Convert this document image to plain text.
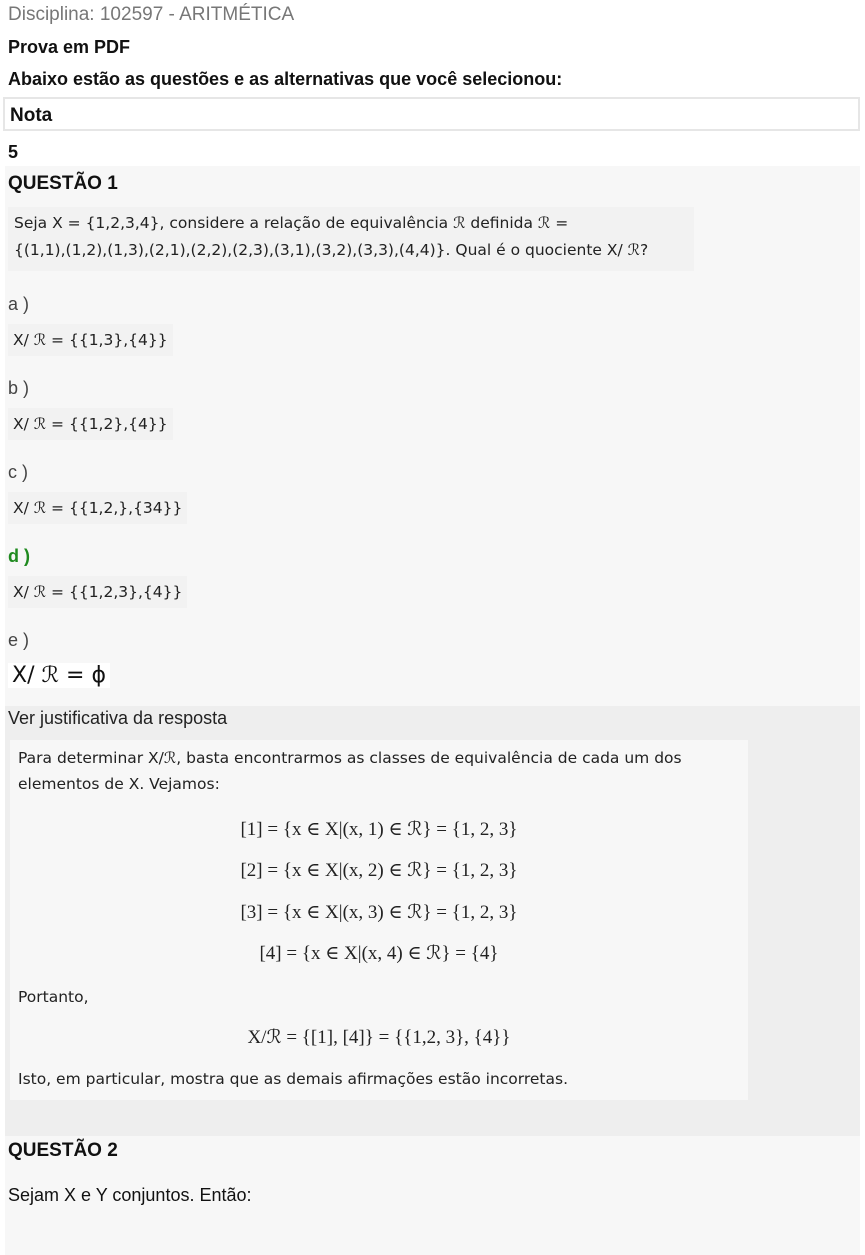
Disciplina: 102597 - ARITMÉTICA
Prova em PDF
Abaixo estão as questões e as alternativas que você selecionou:
Nota
5
QUESTÃO 1
Seja X = {1,2,3,4}, considere a relação de equivalência ℛ definida ℛ =
{(1,1),(1,2),(1,3),(2,1),(2,2),(2,3),(3,1),(3,2),(3,3),(4,4)}. Qual é o quociente X/ ℛ?
a )
X/ ℛ = {{1,3},{4}}
b )
X/ ℛ = {{1,2},{4}}
c )
X/ ℛ = {{1,2,},{34}}
d )
X/ ℛ = {{1,2,3},{4}}
e )
X/ ℛ = ϕ
Ver justificativa da resposta
Para determinar X/ℛ, basta encontrarmos as classes de equivalência de cada um dos
elementos de X. Vejamos:
[1] = {x ∈ X|(x, 1) ∈ ℛ} = {1, 2, 3}
[2] = {x ∈ X|(x, 2) ∈ ℛ} = {1, 2, 3}
[3] = {x ∈ X|(x, 3) ∈ ℛ} = {1, 2, 3}
[4] = {x ∈ X|(x, 4) ∈ ℛ} = {4}
Portanto,
X/ℛ = {[1], [4]} = {{1,2, 3}, {4}}
Isto, em particular, mostra que as demais afirmações estão incorretas.
QUESTÃO 2
Sejam X e Y conjuntos. Então:
